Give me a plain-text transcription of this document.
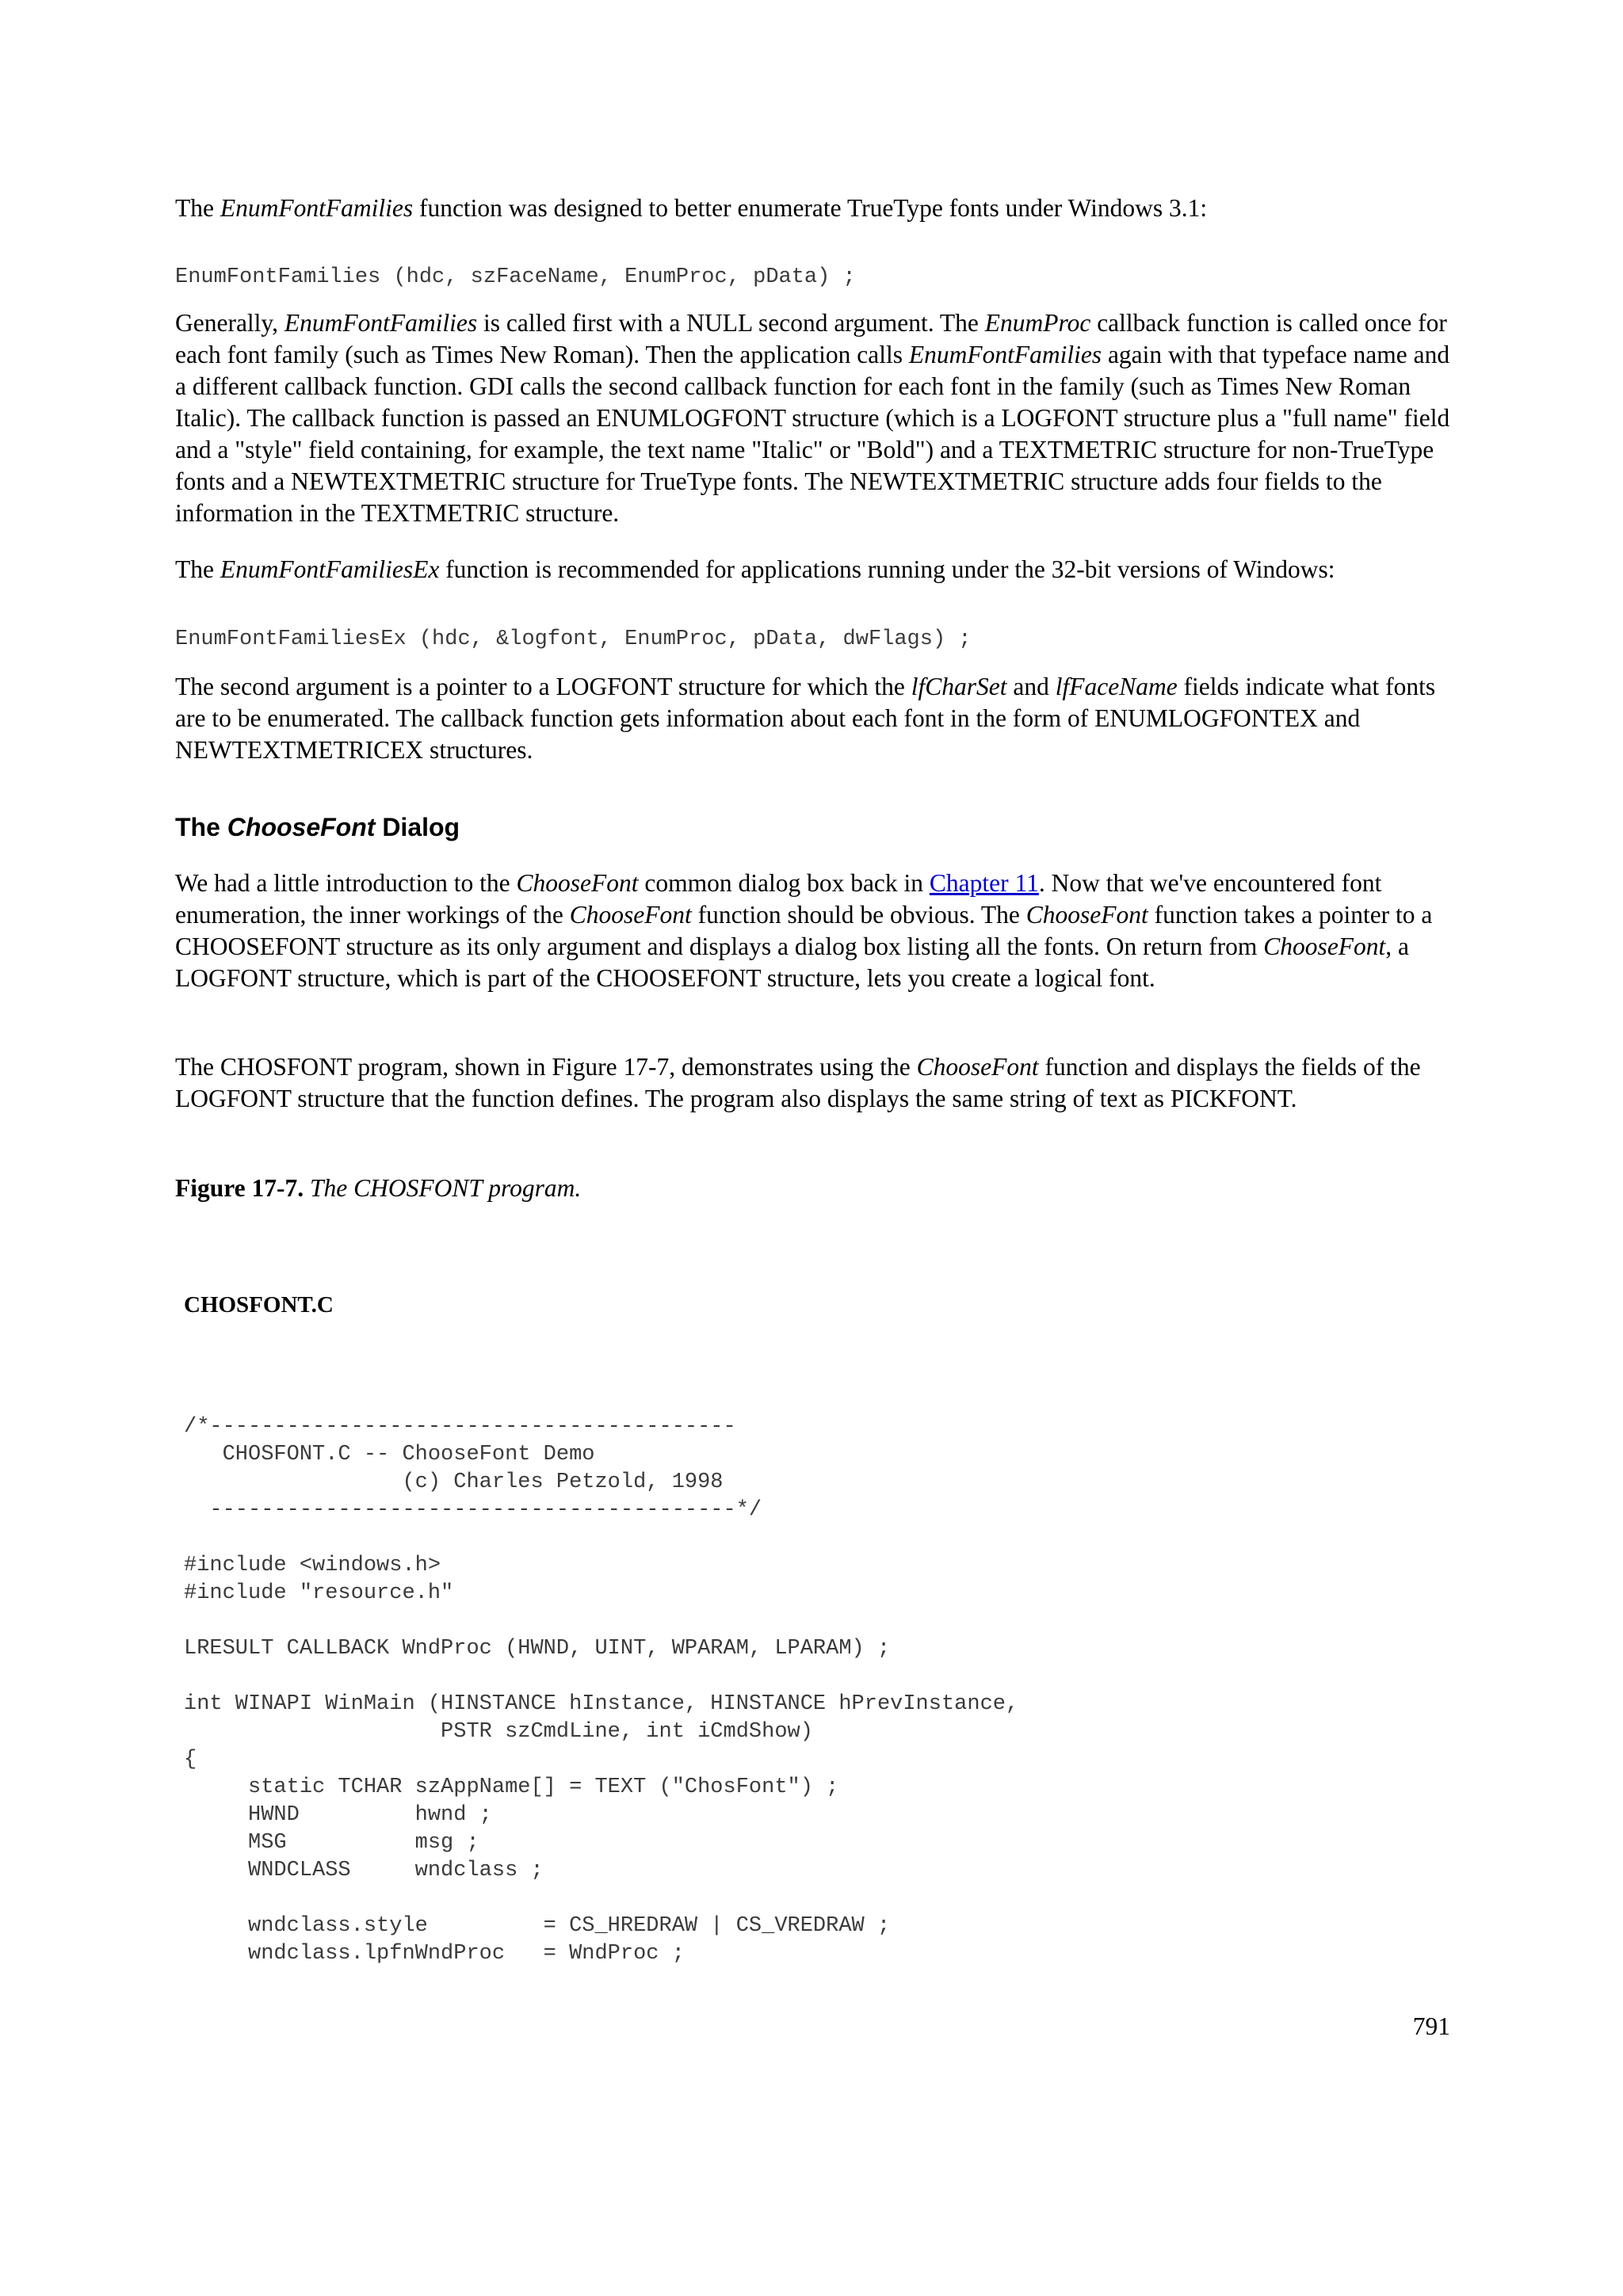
The EnumFontFamilies function was designed to better enumerate TrueType fonts under Windows 3.1:

EnumFontFamilies (hdc, szFaceName, EnumProc, pData) ;

Generally, EnumFontFamilies is called first with a NULL second argument. The EnumProc callback function is called once for each font family (such as Times New Roman). Then the application calls EnumFontFamilies again with that typeface name and a different callback function. GDI calls the second callback function for each font in the family (such as Times New Roman Italic). The callback function is passed an ENUMLOGFONT structure (which is a LOGFONT structure plus a "full name" field and a "style" field containing, for example, the text name "Italic" or "Bold") and a TEXTMETRIC structure for non-TrueType fonts and a NEWTEXTMETRIC structure for TrueType fonts. The NEWTEXTMETRIC structure adds four fields to the information in the TEXTMETRIC structure.

The EnumFontFamiliesEx function is recommended for applications running under the 32-bit versions of Windows:

EnumFontFamiliesEx (hdc, &logfont, EnumProc, pData, dwFlags) ;

The second argument is a pointer to a LOGFONT structure for which the lfCharSet and lfFaceName fields indicate what fonts are to be enumerated. The callback function gets information about each font in the form of ENUMLOGFONTEX and NEWTEXTMETRICEX structures.

The ChooseFont Dialog

We had a little introduction to the ChooseFont common dialog box back in Chapter 11. Now that we've encountered font enumeration, the inner workings of the ChooseFont function should be obvious. The ChooseFont function takes a pointer to a CHOOSEFONT structure as its only argument and displays a dialog box listing all the fonts. On return from ChooseFont, a LOGFONT structure, which is part of the CHOOSEFONT structure, lets you create a logical font.

The CHOSFONT program, shown in Figure 17-7, demonstrates using the ChooseFont function and displays the fields of the LOGFONT structure that the function defines. The program also displays the same string of text as PICKFONT.

Figure 17-7. The CHOSFONT program.

CHOSFONT.C

/*-----------------------------------------
CHOSFONT.C -- ChooseFont Demo
(c) Charles Petzold, 1998
-----------------------------------------*/

#include <windows.h>
#include "resource.h"

LRESULT CALLBACK WndProc (HWND, UINT, WPARAM, LPARAM) ;

int WINAPI WinMain (HINSTANCE hInstance, HINSTANCE hPrevInstance,
PSTR szCmdLine, int iCmdShow)
{
static TCHAR szAppName[] = TEXT ("ChosFont") ;
HWND         hwnd ;
MSG          msg ;
WNDCLASS     wndclass ;

wndclass.style         = CS_HREDRAW | CS_VREDRAW ;
wndclass.lpfnWndProc   = WndProc ;

791
